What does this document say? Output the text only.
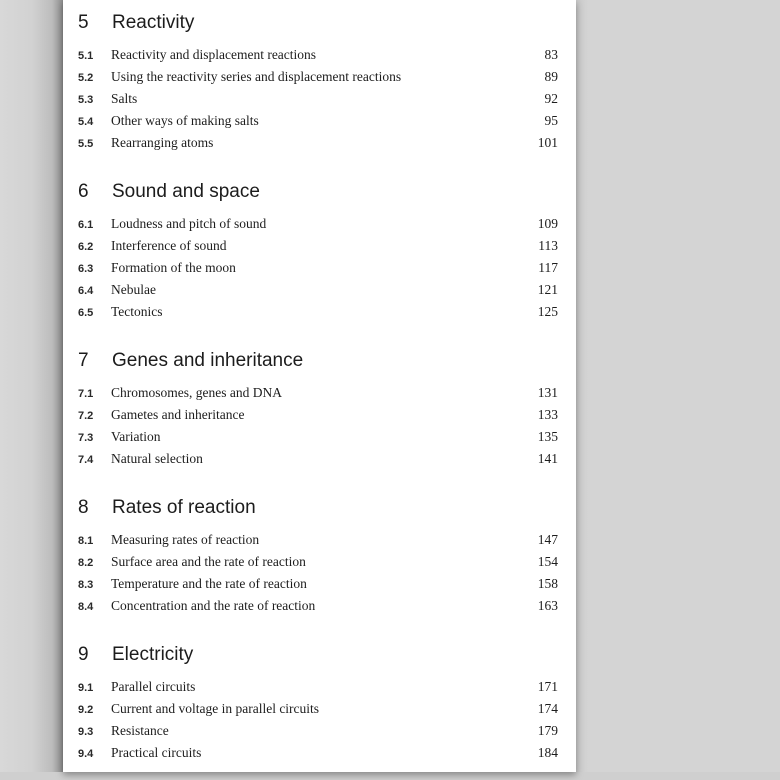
5	Reactivity
5.1	Reactivity and displacement reactions	83
5.2	Using the reactivity series and displacement reactions	89
5.3	Salts	92
5.4	Other ways of making salts	95
5.5	Rearranging atoms	101
6	Sound and space
6.1	Loudness and pitch of sound	109
6.2	Interference of sound	113
6.3	Formation of the moon	117
6.4	Nebulae	121
6.5	Tectonics	125
7	Genes and inheritance
7.1	Chromosomes, genes and DNA	131
7.2	Gametes and inheritance	133
7.3	Variation	135
7.4	Natural selection	141
8	Rates of reaction
8.1	Measuring rates of reaction	147
8.2	Surface area and the rate of reaction	154
8.3	Temperature and the rate of reaction	158
8.4	Concentration and the rate of reaction	163
9	Electricity
9.1	Parallel circuits	171
9.2	Current and voltage in parallel circuits	174
9.3	Resistance	179
9.4	Practical circuits	184
